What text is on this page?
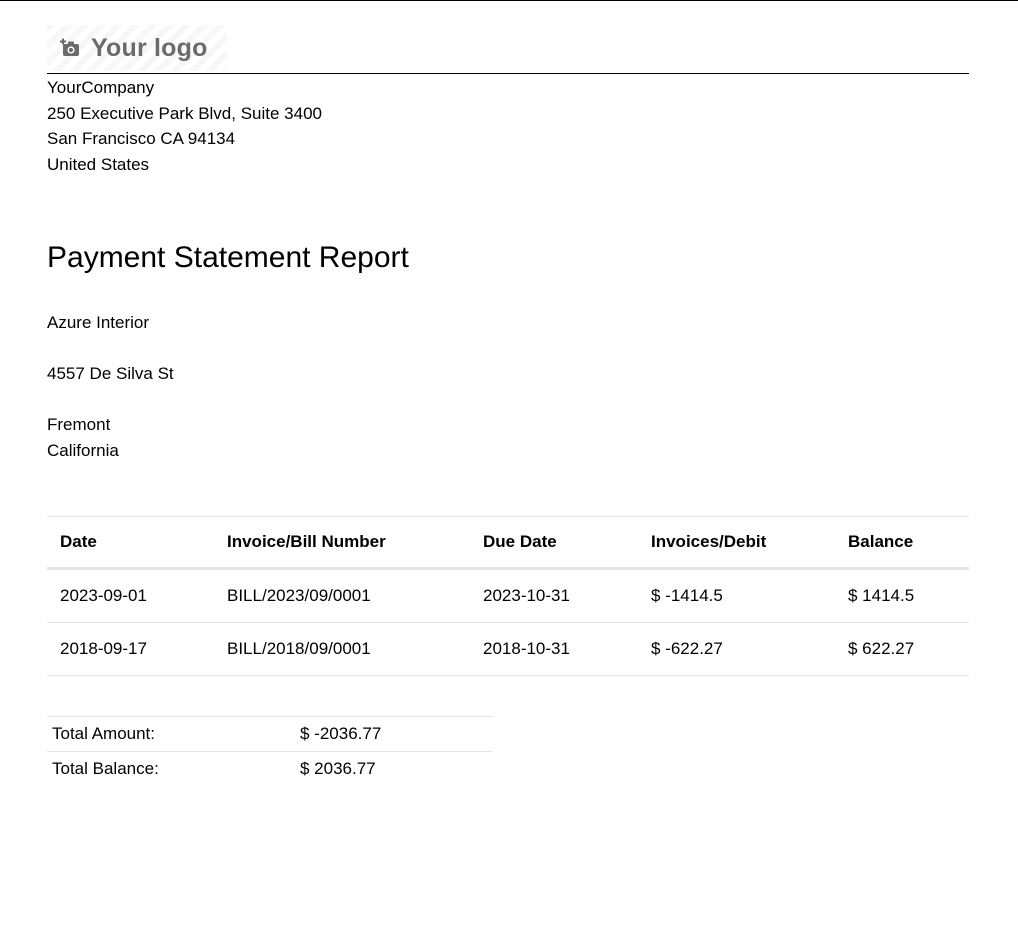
Your logo
YourCompany
250 Executive Park Blvd, Suite 3400
San Francisco CA 94134
United States
Payment Statement Report
Azure Interior
4557 De Silva St
Fremont
California
Date	Invoice/Bill Number	Due Date	Invoices/Debit	Balance
2023-09-01	BILL/2023/09/0001	2023-10-31	$ -1414.5	$ 1414.5
2018-09-17	BILL/2018/09/0001	2018-10-31	$ -622.27	$ 622.27
Total Amount:	$ -2036.77
Total Balance:	$ 2036.77
